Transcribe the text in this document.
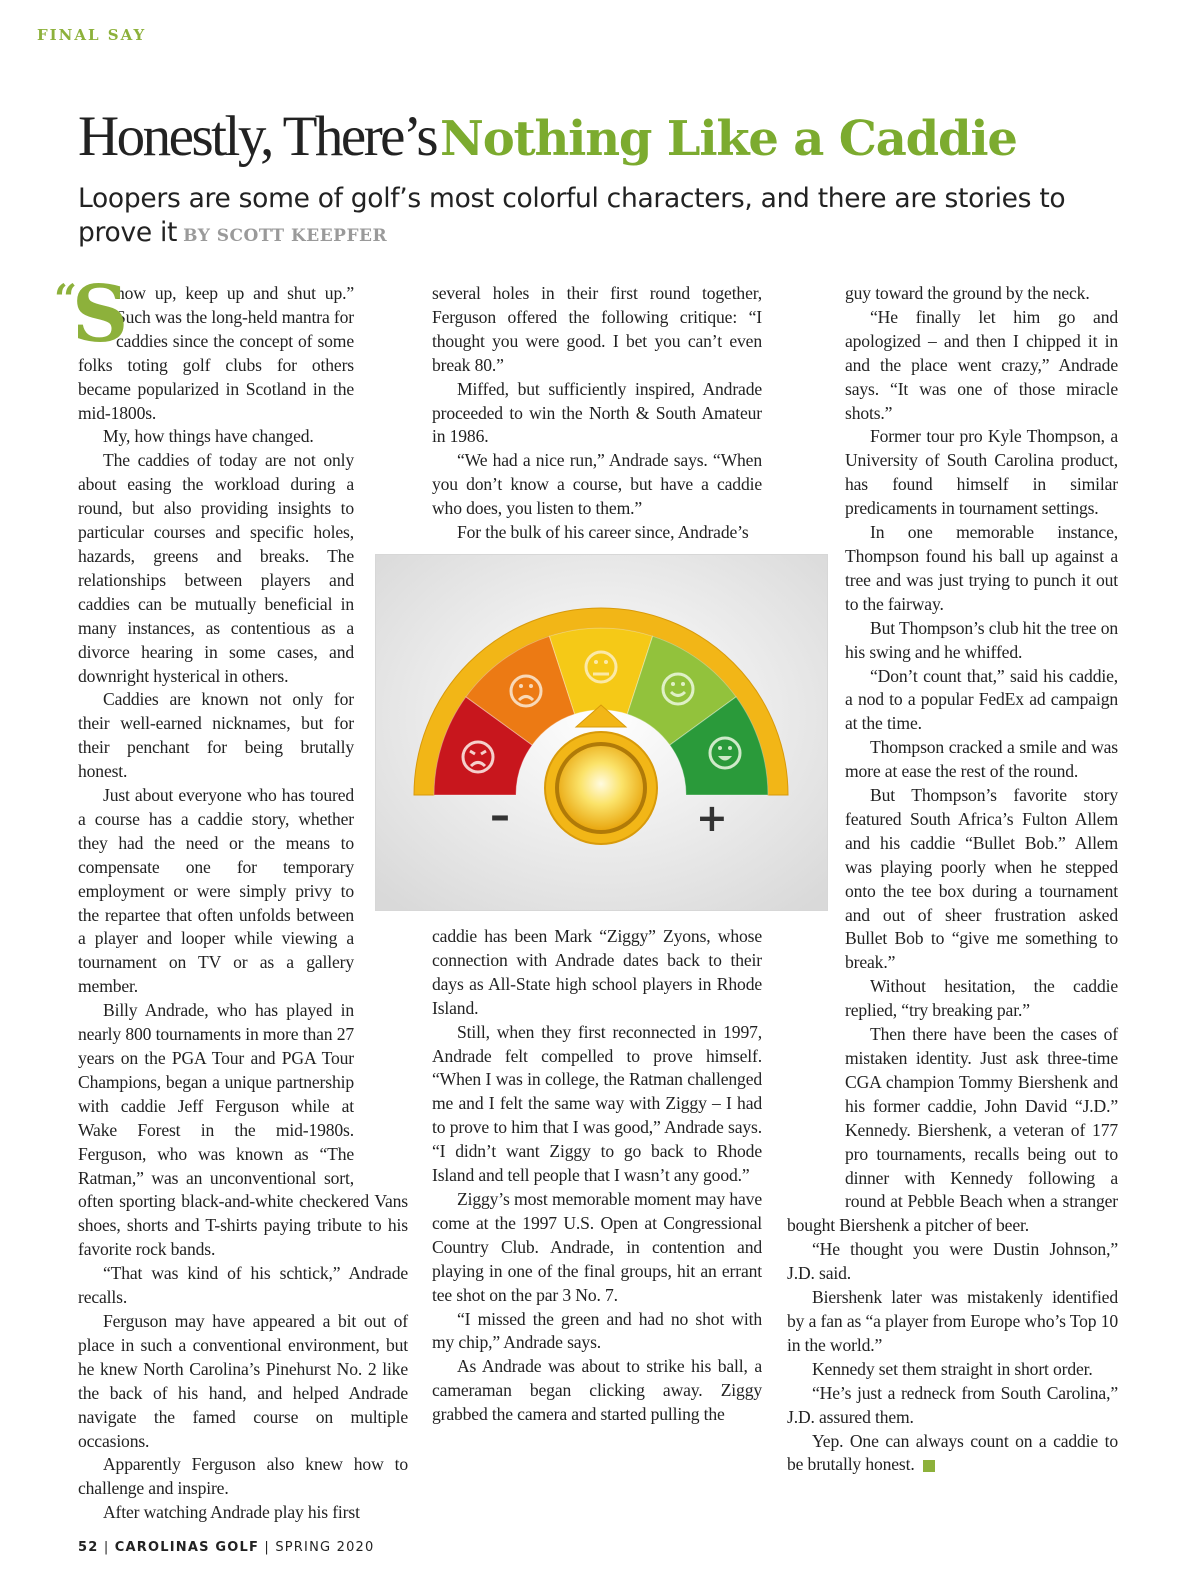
FINAL SAY
Honestly, There’sNothing Like a Caddie
Loopers are some of golf’s most colorful characters, and there are stories to prove it BY SCOTT KEEPFER
“
S

how up, keep up and shut up.” Such was the long-held mantra for caddies since the concept of some folks toting golf clubs for others became popularized in Scotland in the mid-1800s.

My, how things have changed.

The caddies of today are not only about easing the workload during a round, but also providing insights to particular courses and specific holes, hazards, greens and breaks. The relationships between players and caddies can be mutually beneficial in many instances, as contentious as a divorce hearing in some cases, and downright hysterical in others.

Caddies are known not only for their well-earned nicknames, but for their penchant for being brutally honest.

Just about everyone who has toured a course has a caddie story, whether they had the need or the means to compensate one for temporary employment or were simply privy to the repartee that often unfolds between a player and looper while viewing a tournament on TV or as a gallery member.

Billy Andrade, who has played in nearly 800 tournaments in more than 27 years on the PGA Tour and PGA Tour Champions, began a unique partnership with caddie Jeff Ferguson while at Wake Forest in the mid-1980s. Ferguson, who was known as “The Ratman,” was an unconventional sort, often sporting black-and-white checkered Vans shoes, shorts and T-shirts paying tribute to his favorite rock bands.

“That was kind of his schtick,” Andrade recalls.

Ferguson may have appeared a bit out of place in such a conventional environment, but he knew North Carolina’s Pinehurst No. 2 like the back of his hand, and helped Andrade navigate the famed course on multiple occasions.

Apparently Ferguson also knew how to challenge and inspire.

After watching Andrade play his first

several holes in their first round together, Ferguson offered the following critique: “I thought you were good. I bet you can’t even break 80.”

Miffed, but sufficiently inspired, Andrade proceeded to win the North & South Amateur in 1986.

“We had a nice run,” Andrade says. “When you don’t know a course, but have a caddie who does, you listen to them.”

For the bulk of his career since, Andrade’s

caddie has been Mark “Ziggy” Zyons, whose connection with Andrade dates back to their days as All-State high school players in Rhode Island.

Still, when they first reconnected in 1997, Andrade felt compelled to prove himself. “When I was in college, the Ratman challenged me and I felt the same way with Ziggy – I had to prove to him that I was good,” Andrade says. “I didn’t want Ziggy to go back to Rhode Island and tell people that I wasn’t any good.”

Ziggy’s most memorable moment may have come at the 1997 U.S. Open at Congressional Country Club. Andrade, in contention and playing in one of the final groups, hit an errant tee shot on the par 3 No. 7.

“I missed the green and had no shot with my chip,” Andrade says.

As Andrade was about to strike his ball, a cameraman began clicking away. Ziggy grabbed the camera and started pulling the

guy toward the ground by the neck.

“He finally let him go and apologized – and then I chipped it in and the place went crazy,” Andrade says. “It was one of those miracle shots.”

Former tour pro Kyle Thompson, a University of South Carolina product, has found himself in similar predicaments in tournament settings.

In one memorable instance, Thompson found his ball up against a tree and was just trying to punch it out to the fairway.

But Thompson’s club hit the tree on his swing and he whiffed.

“Don’t count that,” said his caddie, a nod to a popular FedEx ad campaign at the time.

Thompson cracked a smile and was more at ease the rest of the round.

But Thompson’s favorite story featured South Africa’s Fulton Allem and his caddie “Bullet Bob.” Allem was playing poorly when he stepped onto the tee box during a tournament and out of sheer frustration asked Bullet Bob to “give me something to break.”

Without hesitation, the caddie replied, “try breaking par.”

Then there have been the cases of mistaken identity. Just ask three-time CGA champion Tommy Biershenk and his former caddie, John David “J.D.” Kennedy. Biershenk, a veteran of 177 pro tournaments, recalls being out to dinner with Kennedy following a round at Pebble Beach when a stranger bought Biershenk a pitcher of beer.

“He thought you were Dustin Johnson,” J.D. said.

Biershenk later was mistakenly identified by a fan as “a player from Europe who’s Top 10 in the world.”

Kennedy set them straight in short order.

“He’s just a redneck from South Carolina,” J.D. assured them.

Yep. One can always count on a caddie to be brutally honest.

–	+
52 | CAROLINAS GOLF | SPRING 2020
